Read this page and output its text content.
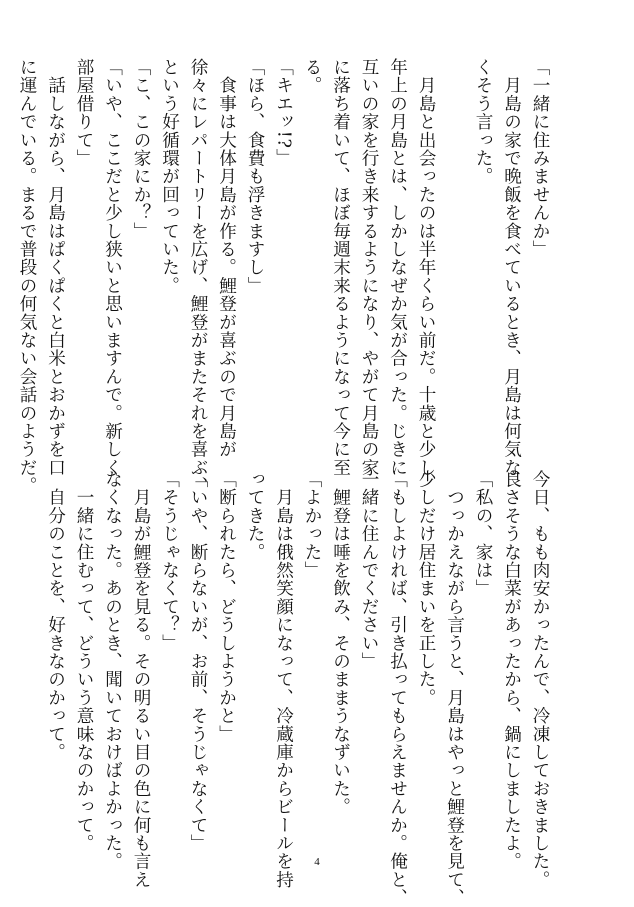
「一緒に住みませんか」
　月島の家で晩飯を食べているとき、月島は何気な
くそう言った。

　月島と出会ったのは半年くらい前だ。十歳と少し
年上の月島とは、しかしなぜか気が合った。じきに
互いの家を行き来するようになり、やがて月島の家
に落ち着いて、ほぼ毎週末来るようになって今に至
る。
「キエッ!?」
「ほら、食費も浮きますし」
　食事は大体月島が作る。鯉登が喜ぶので月島が
徐々にレパートリーを広げ、鯉登がまたそれを喜ぶ、
という好循環が回っていた。
「こ、この家にか？」
「いや、ここだと少し狭いと思いますんで。新しく
部屋借りて」
　話しながら、月島はぱくぱくと白米とおかずを口
に運んでいる。まるで普段の何気ない会話のようだ。
今日、もも肉安かったんで、冷凍しておきました。
良さそうな白菜があったから、鍋にしましたよ。
「私の、家は」
　つっかえながら言うと、月島はやっと鯉登を見て、
少しだけ居住まいを正した。
「もしよければ、引き払ってもらえませんか。俺と、
一緒に住んでください」
　鯉登は唾を飲み、そのままうなずいた。
「よかった」
　月島は俄然笑顔になって、冷蔵庫からビールを持
ってきた。
「断られたら、どうしようかと」
「いや、断らないが、お前、そうじゃなくて」
「そうじゃなくて？」
　月島が鯉登を見る。その明るい目の色に何も言え
なくなった。あのとき、聞いておけばよかった。
　一緒に住むって、どういう意味なのかって。
　自分のことを、好きなのかって。
4
